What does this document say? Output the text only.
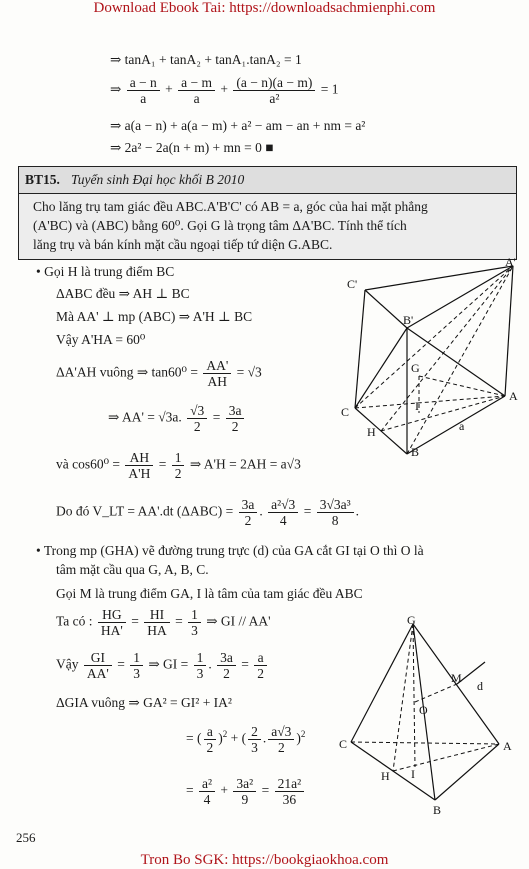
Download Ebook Tai: https://downloadsachmienphi.com
⇒ tanA₁ + tanA₂ + tanA₁.tanA₂ = 1
⇒ $\frac{a - n}{a} + \frac{a - m}{a} + \frac{(a - n)(a - m)}{\text{a²}} = 1$
⇒ a(a − n) + a(a − m) + a² − am − an + nm = a²
⇒ 2a² − 2a(n + m) + mn = 0 ■
BT15. Tuyển sinh Đại học khối B 2010
Cho lăng trụ tam giác đều ABC.A'B'C' có AB = a, góc của hai mặt phẳng
(A'BC) và (ABC) bằng 60⁰. Gọi G là trọng tâm ΔA'BC. Tính thể tích
lăng trụ và bán kính mặt cầu ngoại tiếp tứ diện G.ABC.
• Gọi H là trung điểm BC
ΔABC đều ⇒ AH ⊥ BC
Mà AA' ⊥ mp (ABC) ⇒ A'H ⊥ BC
Vậy A'HA = 60⁰
ΔA'AH vuông ⇒ $\tan 60^0 = \frac{AA'}{AH} = √3$
⇒ AA' = √3a. $\frac{√3}{2} = \frac{3a}{2}$
và $\cos 60^0 = \frac{AH}{A'H} = \frac{1}{2}$ ⇒ A'H = 2AH = a√3
Do đó V_LT = AA'.dt $(\Delta ABC) = \frac{3a}{2}$ . $\frac{\text{a²√3}}{4} = \frac{\text{3√3a³}}{8}$ .
• Trong mp (GHA) vẽ đường trung trực (d) của GA cắt GI tại O thì O là
tâm mặt cầu qua G, A, B, C.
Gọi M là trung điểm GA, I là tâm của tam giác đều ABC
Ta có : $\frac{HG}{HA'} = \frac{HI}{HA} = \frac{1}{3}$ ⇒ GI // AA'
Vậy $\frac{GI}{AA'} = \frac{1}{3}$ ⇒ GI = $\frac{1}{3}$ . $\frac{3a}{2} = \frac{a}{2}$
ΔGIA vuông ⇒ GA² = GI² + IA²
= ( $\frac{a}{2} )^2$ + ( $\frac{2}{3}$ . $\frac{a√3}{2} )^2$
= $\frac{\text{a²}}{4} + \frac{\text{3a²}}{9} = \frac{\text{21a²}}{36}$
A'
C'
B'
G
C
H
I
A
B
a
G
M
d
O
C	A
H I
B
256
Tron Bo SGK: https://bookgiaokhoa.com
